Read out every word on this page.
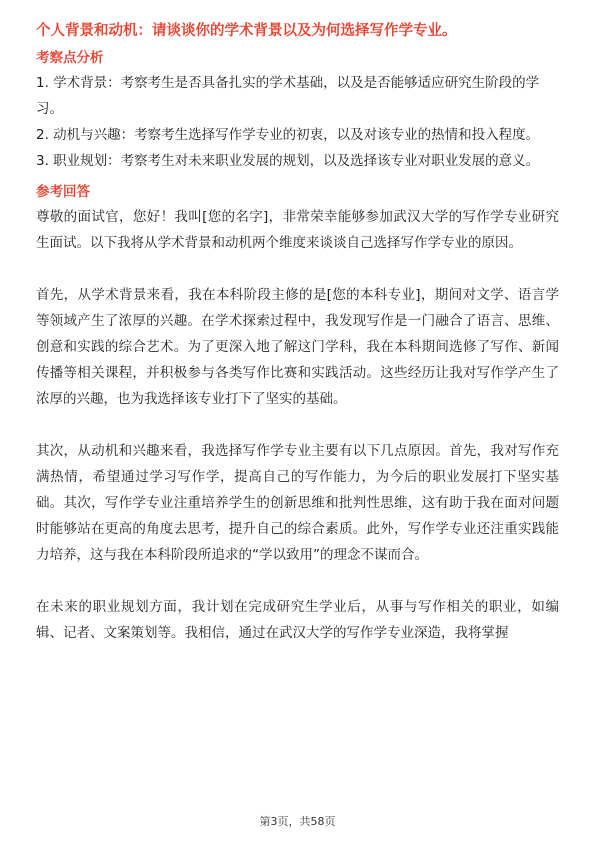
个人背景和动机：请谈谈你的学术背景以及为何选择写作学专业。

考察点分析

1. 学术背景：考察考生是否具备扎实的学术基础，以及是否能够适应研究生阶段的学习。
2. 动机与兴趣：考察考生选择写作学专业的初衷，以及对该专业的热情和投入程度。
3. 职业规划：考察考生对未来职业发展的规划，以及选择该专业对职业发展的意义。

参考回答

尊敬的面试官，您好！我叫[您的名字]，非常荣幸能够参加武汉大学的写作学专业研究生面试。以下我将从学术背景和动机两个维度来谈谈自己选择写作学专业的原因。

首先，从学术背景来看，我在本科阶段主修的是[您的本科专业]，期间对文学、语言学等领域产生了浓厚的兴趣。在学术探索过程中，我发现写作是一门融合了语言、思维、创意和实践的综合艺术。为了更深入地了解这门学科，我在本科期间选修了写作、新闻传播等相关课程，并积极参与各类写作比赛和实践活动。这些经历让我对写作学产生了浓厚的兴趣，也为我选择该专业打下了坚实的基础。

其次，从动机和兴趣来看，我选择写作学专业主要有以下几点原因。首先，我对写作充满热情，希望通过学习写作学，提高自己的写作能力，为今后的职业发展打下坚实基础。其次，写作学专业注重培养学生的创新思维和批判性思维，这有助于我在面对问题时能够站在更高的角度去思考，提升自己的综合素质。此外，写作学专业还注重实践能力培养，这与我在本科阶段所追求的“学以致用”的理念不谋而合。

在未来的职业规划方面，我计划在完成研究生学业后，从事与写作相关的职业，如编辑、记者、文案策划等。我相信，通过在武汉大学的写作学专业深造，我将掌握

第3页，共58页
